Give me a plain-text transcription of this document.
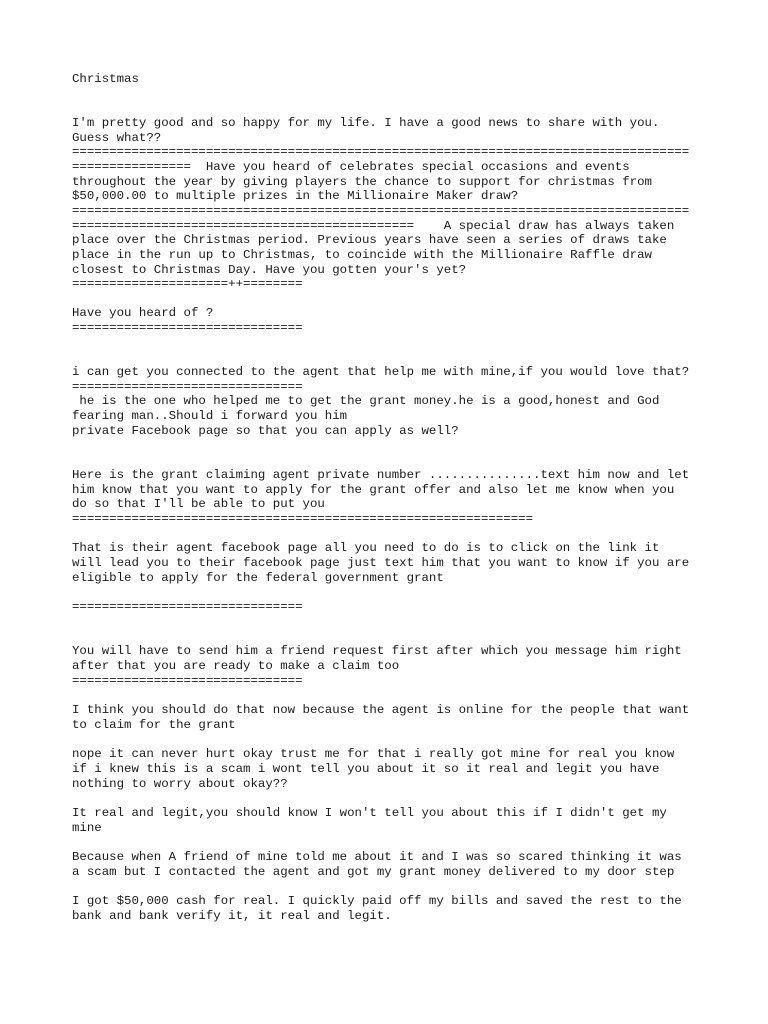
Christmas

I'm pretty good and so happy for my life. I have a good news to share with you.

Guess what??

===================================================================================

================  Have you heard of celebrates special occasions and events

throughout the year by giving players the chance to support for christmas from

$50,000.00 to multiple prizes in the Millionaire Maker draw?

===================================================================================

==============================================    A special draw has always taken

place over the Christmas period. Previous years have seen a series of draws take

place in the run up to Christmas, to coincide with the Millionaire Raffle draw

closest to Christmas Day. Have you gotten your's yet?

=====================++========

Have you heard of ?

===============================

i can get you connected to the agent that help me with mine,if you would love that?

===============================

he is the one who helped me to get the grant money.he is a good,honest and God

fearing man..Should i forward you him

private Facebook page so that you can apply as well?

Here is the grant claiming agent private number ...............text him now and let

him know that you want to apply for the grant offer and also let me know when you

do so that I'll be able to put you

==============================================================

That is their agent facebook page all you need to do is to click on the link it

will lead you to their facebook page just text him that you want to know if you are

eligible to apply for the federal government grant

===============================

You will have to send him a friend request first after which you message him right

after that you are ready to make a claim too

===============================

I think you should do that now because the agent is online for the people that want

to claim for the grant

nope it can never hurt okay trust me for that i really got mine for real you know

if i knew this is a scam i wont tell you about it so it real and legit you have

nothing to worry about okay??

It real and legit,you should know I won't tell you about this if I didn't get my

mine

Because when A friend of mine told me about it and I was so scared thinking it was

a scam but I contacted the agent and got my grant money delivered to my door step

I got $50,000 cash for real. I quickly paid off my bills and saved the rest to the

bank and bank verify it, it real and legit.
